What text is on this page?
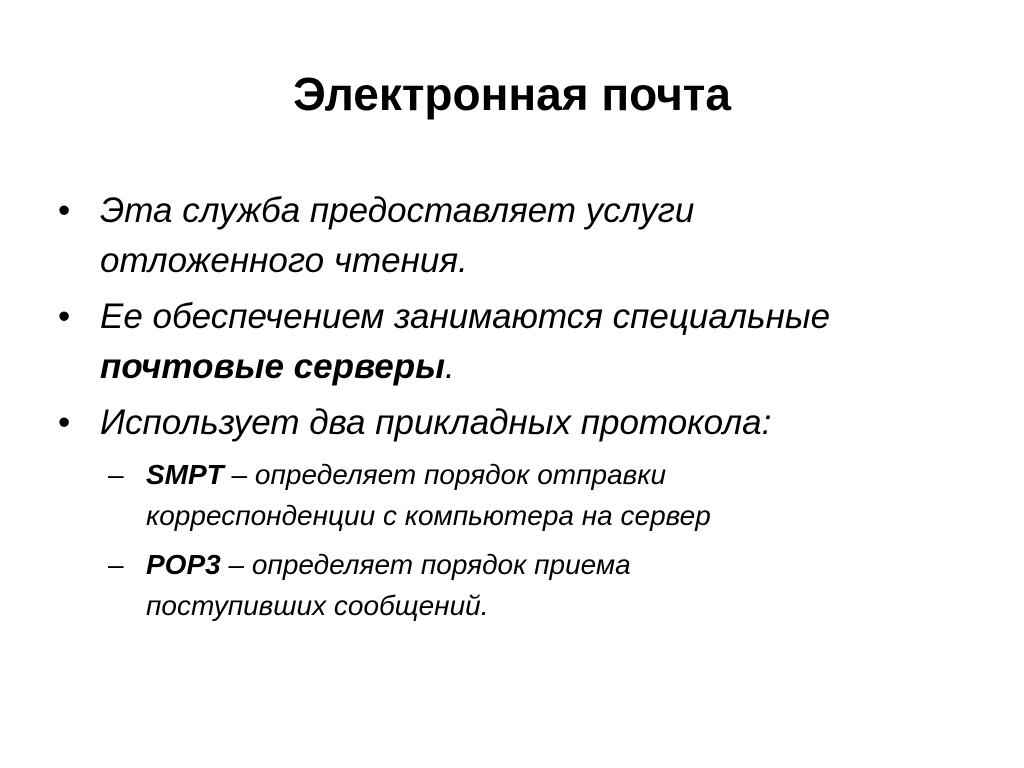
Электронная почта
• Эта служба предоставляет услуги
отложенного чтения.
• Ее обеспечением занимаются специальные
почтовые серверы.
• Использует два прикладных протокола:
– SMPT – определяет порядок отправки
корреспонденции с компьютера на сервер
– POP3 – определяет порядок приема
поступивших сообщений.
